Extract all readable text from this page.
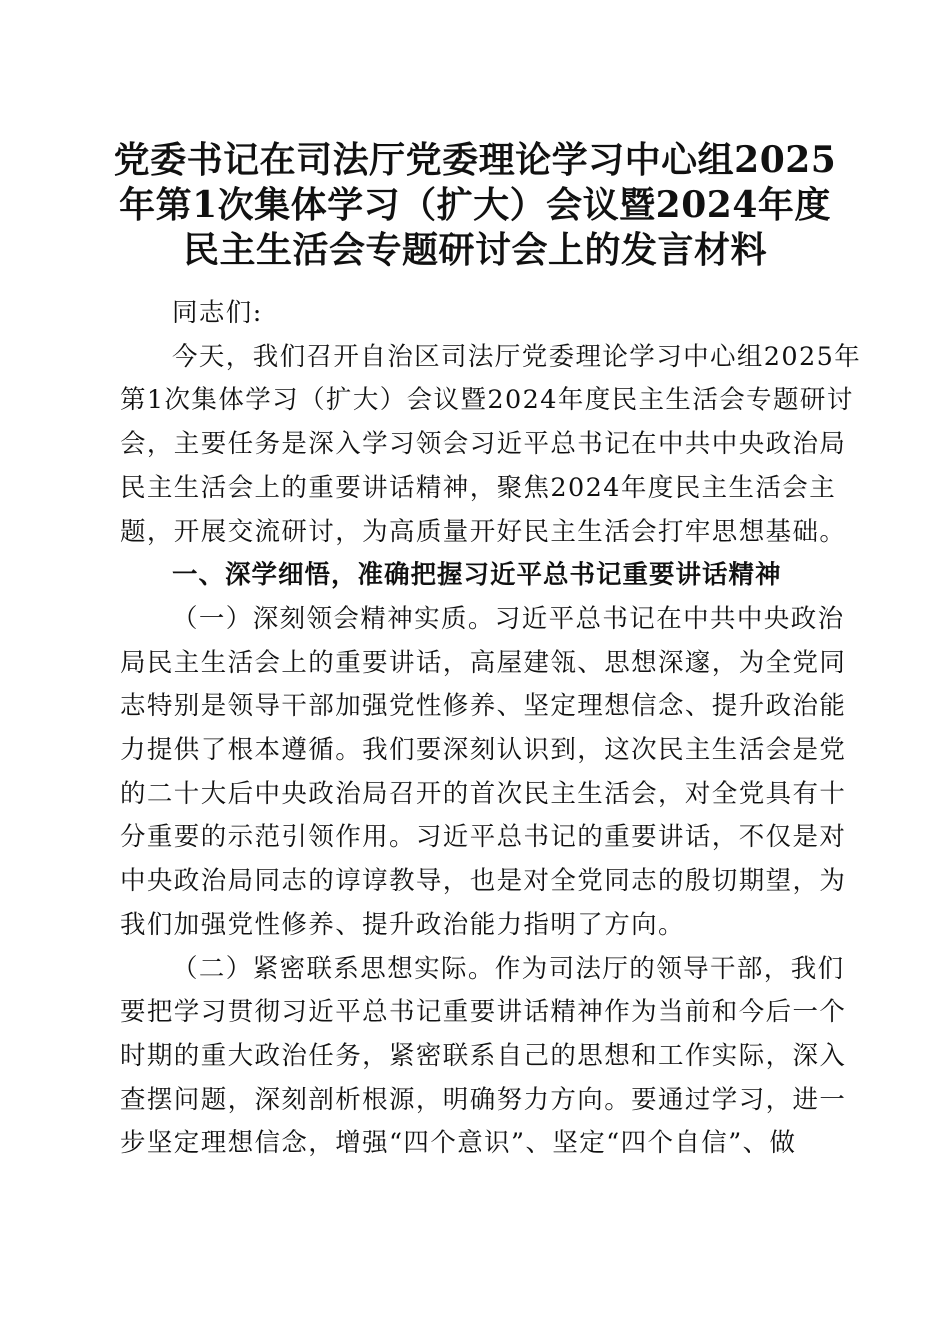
党委书记在司法厅党委理论学习中心组2025
年第1次集体学习（扩大）会议暨2024年度
民主生活会专题研讨会上的发言材料

同志们:

今天，我们召开自治区司法厅党委理论学习中心组2025年
第1次集体学习（扩大）会议暨2024年度民主生活会专题研讨
会，主要任务是深入学习领会习近平总书记在中共中央政治局
民主生活会上的重要讲话精神，聚焦2024年度民主生活会主
题，开展交流研讨，为高质量开好民主生活会打牢思想基础。

一、深学细悟，准确把握习近平总书记重要讲话精神

（一）深刻领会精神实质。习近平总书记在中共中央政治
局民主生活会上的重要讲话，高屋建瓴、思想深邃，为全党同
志特别是领导干部加强党性修养、坚定理想信念、提升政治能
力提供了根本遵循。我们要深刻认识到，这次民主生活会是党
的二十大后中央政治局召开的首次民主生活会，对全党具有十
分重要的示范引领作用。习近平总书记的重要讲话，不仅是对
中央政治局同志的谆谆教导，也是对全党同志的殷切期望，为
我们加强党性修养、提升政治能力指明了方向。

（二）紧密联系思想实际。作为司法厅的领导干部，我们
要把学习贯彻习近平总书记重要讲话精神作为当前和今后一个
时期的重大政治任务，紧密联系自己的思想和工作实际，深入
查摆问题，深刻剖析根源，明确努力方向。要通过学习，进一
步坚定理想信念，增强“四个意识”、坚定“四个自信”、做
